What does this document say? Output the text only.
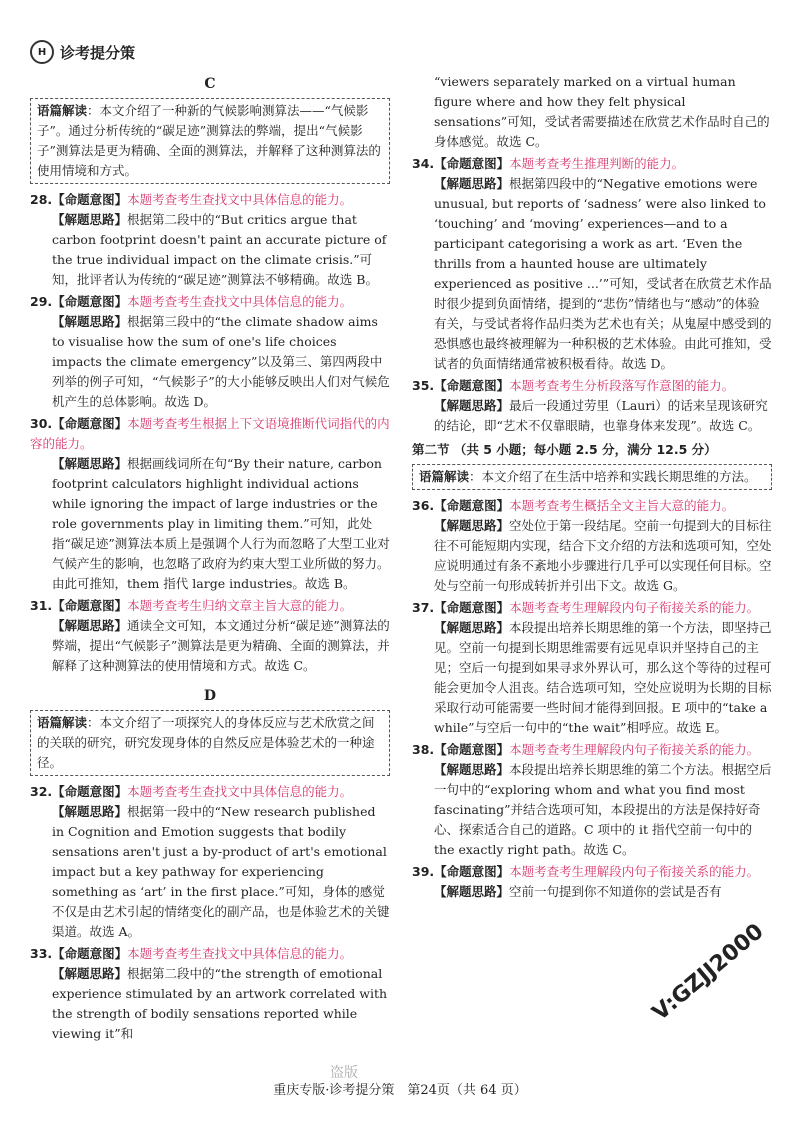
H 诊考提分策
C
语篇解读：本文介绍了一种新的气候影响测算法——“气候影子”。通过分析传统的“碳足迹”测算法的弊端，提出“气候影子”测算法是更为精确、全面的测算法，并解释了这种测算法的使用情境和方式。

28.【命题意图】本题考查考生查找文中具体信息的能力。

【解题思路】根据第二段中的“But critics argue that carbon footprint doesn't paint an accurate picture of the true individual impact on the climate crisis.”可知，批评者认为传统的“碳足迹”测算法不够精确。故选 B。

29.【命题意图】本题考查考生查找文中具体信息的能力。

【解题思路】根据第三段中的“the climate shadow aims to visualise how the sum of one's life choices impacts the climate emergency”以及第三、第四两段中列举的例子可知，“气候影子”的大小能够反映出人们对气候危机产生的总体影响。故选 D。

30.【命题意图】本题考查考生根据上下文语境推断代词指代的内容的能力。

【解题思路】根据画线词所在句“By their nature, carbon footprint calculators highlight individual actions while ignoring the impact of large industries or the role governments play in limiting them.”可知，此处指“碳足迹”测算法本质上是强调个人行为而忽略了大型工业对气候产生的影响，也忽略了政府为约束大型工业所做的努力。由此可推知，them 指代 large industries。故选 B。

31.【命题意图】本题考查考生归纳文章主旨大意的能力。

【解题思路】通读全文可知，本文通过分析“碳足迹”测算法的弊端，提出“气候影子”测算法是更为精确、全面的测算法，并解释了这种测算法的使用情境和方式。故选 C。

D
语篇解读：本文介绍了一项探究人的身体反应与艺术欣赏之间的关联的研究，研究发现身体的自然反应是体验艺术的一种途径。

32.【命题意图】本题考查考生查找文中具体信息的能力。

【解题思路】根据第一段中的“New research published in Cognition and Emotion suggests that bodily sensations aren't just a by-product of art's emotional impact but a key pathway for experiencing something as ‘art’ in the first place.”可知，身体的感觉不仅是由艺术引起的情绪变化的副产品，也是体验艺术的关键渠道。故选 A。

33.【命题意图】本题考查考生查找文中具体信息的能力。

【解题思路】根据第二段中的“the strength of emotional experience stimulated by an artwork correlated with the strength of bodily sensations reported while viewing it”和

“viewers separately marked on a virtual human figure where and how they felt physical sensations”可知，受试者需要描述在欣赏艺术作品时自己的身体感觉。故选 C。

34.【命题意图】本题考查考生推理判断的能力。

【解题思路】根据第四段中的“Negative emotions were unusual, but reports of ‘sadness’ were also linked to ‘touching’ and ‘moving’ experiences—and to a participant categorising a work as art. ‘Even the thrills from a haunted house are ultimately experienced as positive ...’”可知，受试者在欣赏艺术作品时很少提到负面情绪，提到的“悲伤”情绪也与“感动”的体验有关，与受试者将作品归类为艺术也有关；从鬼屋中感受到的恐惧感也最终被理解为一种积极的艺术体验。由此可推知，受试者的负面情绪通常被积极看待。故选 D。

35.【命题意图】本题考查考生分析段落写作意图的能力。

【解题思路】最后一段通过劳里（Lauri）的话来呈现该研究的结论，即“艺术不仅靠眼睛，也靠身体来发现”。故选 C。

第二节 （共 5 小题；每小题 2.5 分，满分 12.5 分）
语篇解读：本文介绍了在生活中培养和实践长期思维的方法。

36.【命题意图】本题考查考生概括全文主旨大意的能力。

【解题思路】空处位于第一段结尾。空前一句提到大的目标往往不可能短期内实现，结合下文介绍的方法和选项可知，空处应说明通过有条不紊地小步骤进行几乎可以实现任何目标。空处与空前一句形成转折并引出下文。故选 G。

37.【命题意图】本题考查考生理解段内句子衔接关系的能力。

【解题思路】本段提出培养长期思维的第一个方法，即坚持己见。空前一句提到长期思维需要有远见卓识并坚持自己的主见；空后一句提到如果寻求外界认可，那么这个等待的过程可能会更加令人沮丧。结合选项可知，空处应说明为长期的目标采取行动可能需要一些时间才能得到回报。E 项中的“take a while”与空后一句中的“the wait”相呼应。故选 E。

38.【命题意图】本题考查考生理解段内句子衔接关系的能力。

【解题思路】本段提出培养长期思维的第二个方法。根据空后一句中的“exploring whom and what you find most fascinating”并结合选项可知，本段提出的方法是保持好奇心、探索适合自己的道路。C 项中的 it 指代空前一句中的 the exactly right path。故选 C。

39.【命题意图】本题考查考生理解段内句子衔接关系的能力。

【解题思路】空前一句提到你不知道你的尝试是否有

盗版
重庆专版·诊考提分策　第24页（共 64 页）
V:GZJJ2000
